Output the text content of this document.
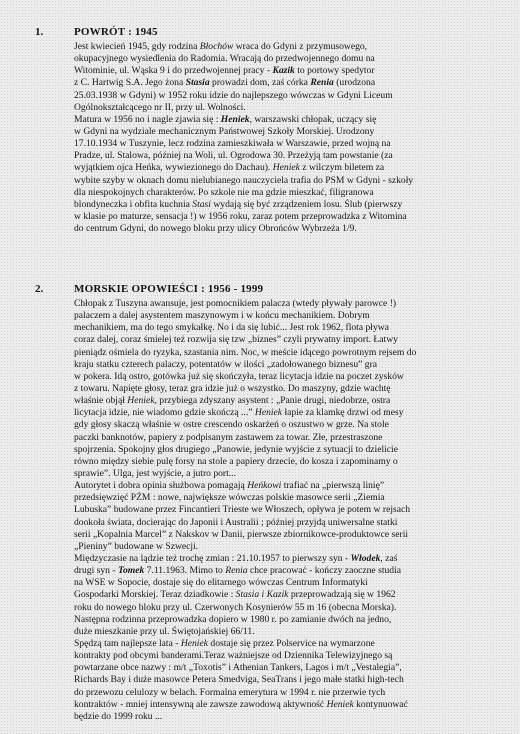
1.	POWRÓT : 1945
Jest kwiecień 1945, gdy rodzina Błochów wraca do Gdyni z przymusowego,
okupacyjnego wysiedlenia do Radomia. Wracają do przedwojennego domu na
Witominie, ul. Wąska 9 i do przedwojennej pracy - Kazik to portowy spedytor
z C. Hartwig S.A. Jego żona Stasia prowadzi dom, zaś córka Renia (urodzona
25.03.1938 w Gdyni) w 1952 roku idzie do najlepszego wówczas w Gdyni Liceum
Ogólnokształcącego nr II, przy ul. Wolności.
Matura w 1956 no i nagle zjawia się : Heniek, warszawski chłopak, uczący się
w Gdyni na wydziale mechanicznym Państwowej Szkoły Morskiej. Urodzony
17.10.1934 w Tuszynie, lecz rodzina zamieszkiwała w Warszawie, przed wojną na
Pradze, ul. Stalowa, później na Woli, ul. Ogrodowa 30. Przeżyją tam powstanie (za
wyjątkiem ojca Heńka, wywiezionego do Dachau). Heniek z wilczym biletem za
wybite szyby w oknach domu nielubianego nauczyciela trafia do PSM w Gdyni - szkoły
dla niespokojnych charakterów. Po szkole nie ma gdzie mieszkać, filigranowa
blondyneczka i obfita kuchnia Stasi wydają się być zrządzeniem losu. Ślub (pierwszy
w klasie po maturze, sensacja !) w 1956 roku, zaraz potem przeprowadzka z Witomina
do centrum Gdyni, do nowego bloku przy ulicy Obrońców Wybrzeża 1/9.
2.	MORSKIE OPOWIEŚCI : 1956 - 1999
Chłopak z Tuszyna awansuje, jest pomocnikiem palacza (wtedy pływały parowce !)
palaczem a dalej asystentem maszynowym i w końcu mechanikiem. Dobrym
mechanikiem, ma do tego smykałkę. No i da się lubić... Jest rok 1962, flota pływa
coraz dalej, coraz śmielej też rozwija się tzw „biznes” czyli prywatny import. Łatwy
pieniądz ośmiela do ryzyka, szastania nim. Noc, w meście idącego powrotnym rejsem do
kraju statku czterech palaczy, potentatów w ilości „zadołowanego biznesu” gra
w pokera. Idą ostro, gotówka już się skończyła, teraz licytacja idzie na poczet zysków
z towaru. Napięte głosy, teraz gra idzie już o wszystko. Do maszyny, gdzie wachtę
właśnie objął Heniek, przybiega zdyszany asystent : „Panie drugi, niedobrze, ostra
licytacja idzie, nie wiadomo gdzie skończą ...” Heniek łapie za klamkę drzwi od mesy
gdy głosy skaczą właśnie w ostre crescendo oskarżeń o oszustwo w grze. Na stole
paczki banknotów, papiery z podpisanym zastawem za towar. Złe, przestraszone
spojrzenia. Spokojny głos drugiego „Panowie, jedynie wyjście z sytuacji to dzielicie
równo między siebie pulę forsy na stole a papiery drzecie, do kosza i zapominamy o
sprawie”. Ulga, jest wyjście, a jutro port...
Autorytet i dobra opinia służbowa pomagają Heńkowi trafiać na „pierwszą linię”
przedsięwzięć PŻM : nowe, największe wówczas polskie masowce serii „Ziemia
Lubuska” budowane przez Fincantieri Trieste we Włoszech, opływa je potem w rejsach
dookoła świata, docierając do Japonii i Australii ; później przyjdą uniwersalne statki
serii „Kopalnia Marcel” z Nakskov w Danii, pierwsze zbiornikowce-produktowce serii
„Pieniny” budowane w Szwecji.
Międzyczasie na lądzie też trochę zmian : 21.10.1957 to pierwszy syn - Włodek, zaś
drugi syn - Tomek 7.11.1963. Mimo to Renia chce pracować - kończy zaoczne studia
na WSE w Sopocie, dostaje się do elitarnego wówczas Centrum Informatyki
Gospodarki Morskiej. Teraz dziadkowie : Stasia i Kazik przeprowadzają się w 1962
roku do nowego bloku przy ul. Czerwonych Kosynierów 55 m 16 (obecna Morska).
Następna rodzinna przeprowadzka dopiero w 1980 r. po zamianie dwóch na jedno,
duże mieszkanie przy ul. Świętojańskiej 66/11.
Spędzą tam najlepsze lata - Heniek dostaje się przez Polservice na wymarzone
kontrakty pod obcymi banderami.Teraz ważniejsze od Dziennika Telewizyjnego są
powtarzane obce nazwy : m/t „Toxotis” i Athenian Tankers, Lagos i m/t „Vestalegia”,
Richards Bay i duże masowce Petera Smedviga, SeaTrans i jego małe statki high-tech
do przewozu celulozy w belach. Formalna emerytura w 1994 r. nie przerwie tych
kontraktów - mniej intensywną ale zawsze zawodową aktywność Heniek kontynuować
będzie do 1999 roku ...
